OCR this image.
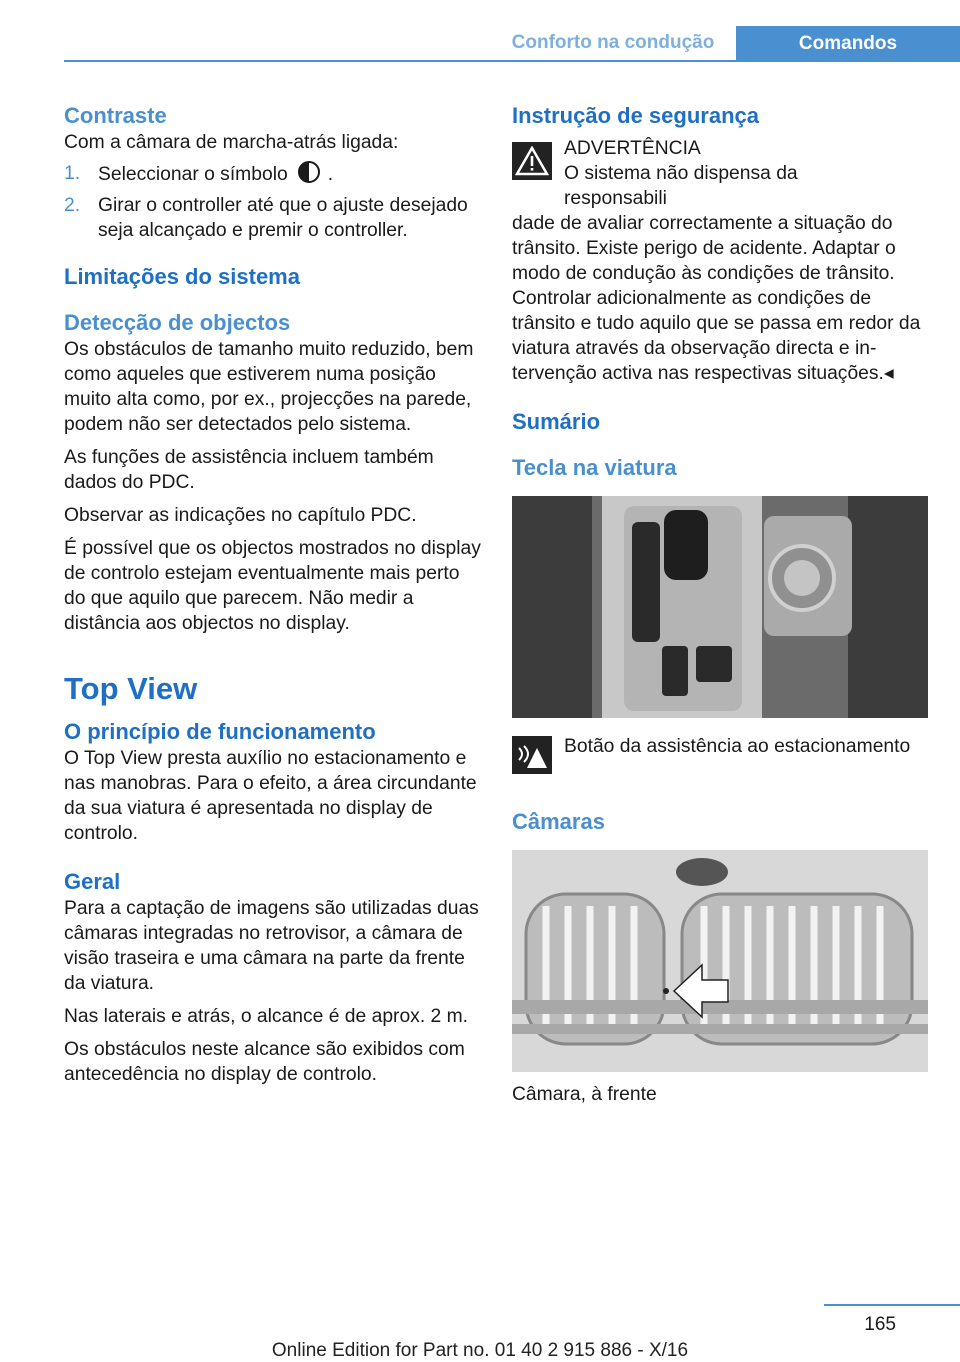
Conforto na condução	Comandos
Contraste

Com a câmara de marcha-atrás ligada:

1. Seleccionar o símbolo .
2. Girar o controller até que o ajuste desejado seja alcançado e premir o controller.
Limitações do sistema
Detecção de objectos

Os obstáculos de tamanho muito reduzido, bem como aqueles que estiverem numa posição muito alta como, por ex., projecções na parede, podem não ser detectados pelo sistema.

As funções de assistência incluem também dados do PDC.

Observar as indicações no capítulo PDC.

É possível que os objectos mostrados no display de controlo estejam eventualmente mais perto do que aquilo que parecem. Não medir a distância aos objectos no display.

Top View
O princípio de funcionamento

O Top View presta auxílio no estacionamento e nas manobras. Para o efeito, a área circundante da sua viatura é apresentada no display de controlo.

Geral

Para a captação de imagens são utilizadas duas câmaras integradas no retrovisor, a câmara de visão traseira e uma câmara na parte da frente da viatura.

Nas laterais e atrás, o alcance é de aprox. 2 m.

Os obstáculos neste alcance são exibidos com antecedência no display de controlo.

Instrução de segurança

ADVERTÊNCIA

O sistema não dispensa da responsabili

dade de avaliar correctamente a situação do trânsito. Existe perigo de acidente. Adaptar o modo de condução às condições de trânsito. Controlar adicionalmente as condições de trânsito e tudo aquilo que se passa em redor da viatura através da observação directa e intervenção activa nas respectivas situações.◂

Sumário
Tecla na viatura

Botão da assistência ao estacionamento

Câmaras

Câmara, à frente

165
Online Edition for Part no. 01 40 2 915 886 - X/16
